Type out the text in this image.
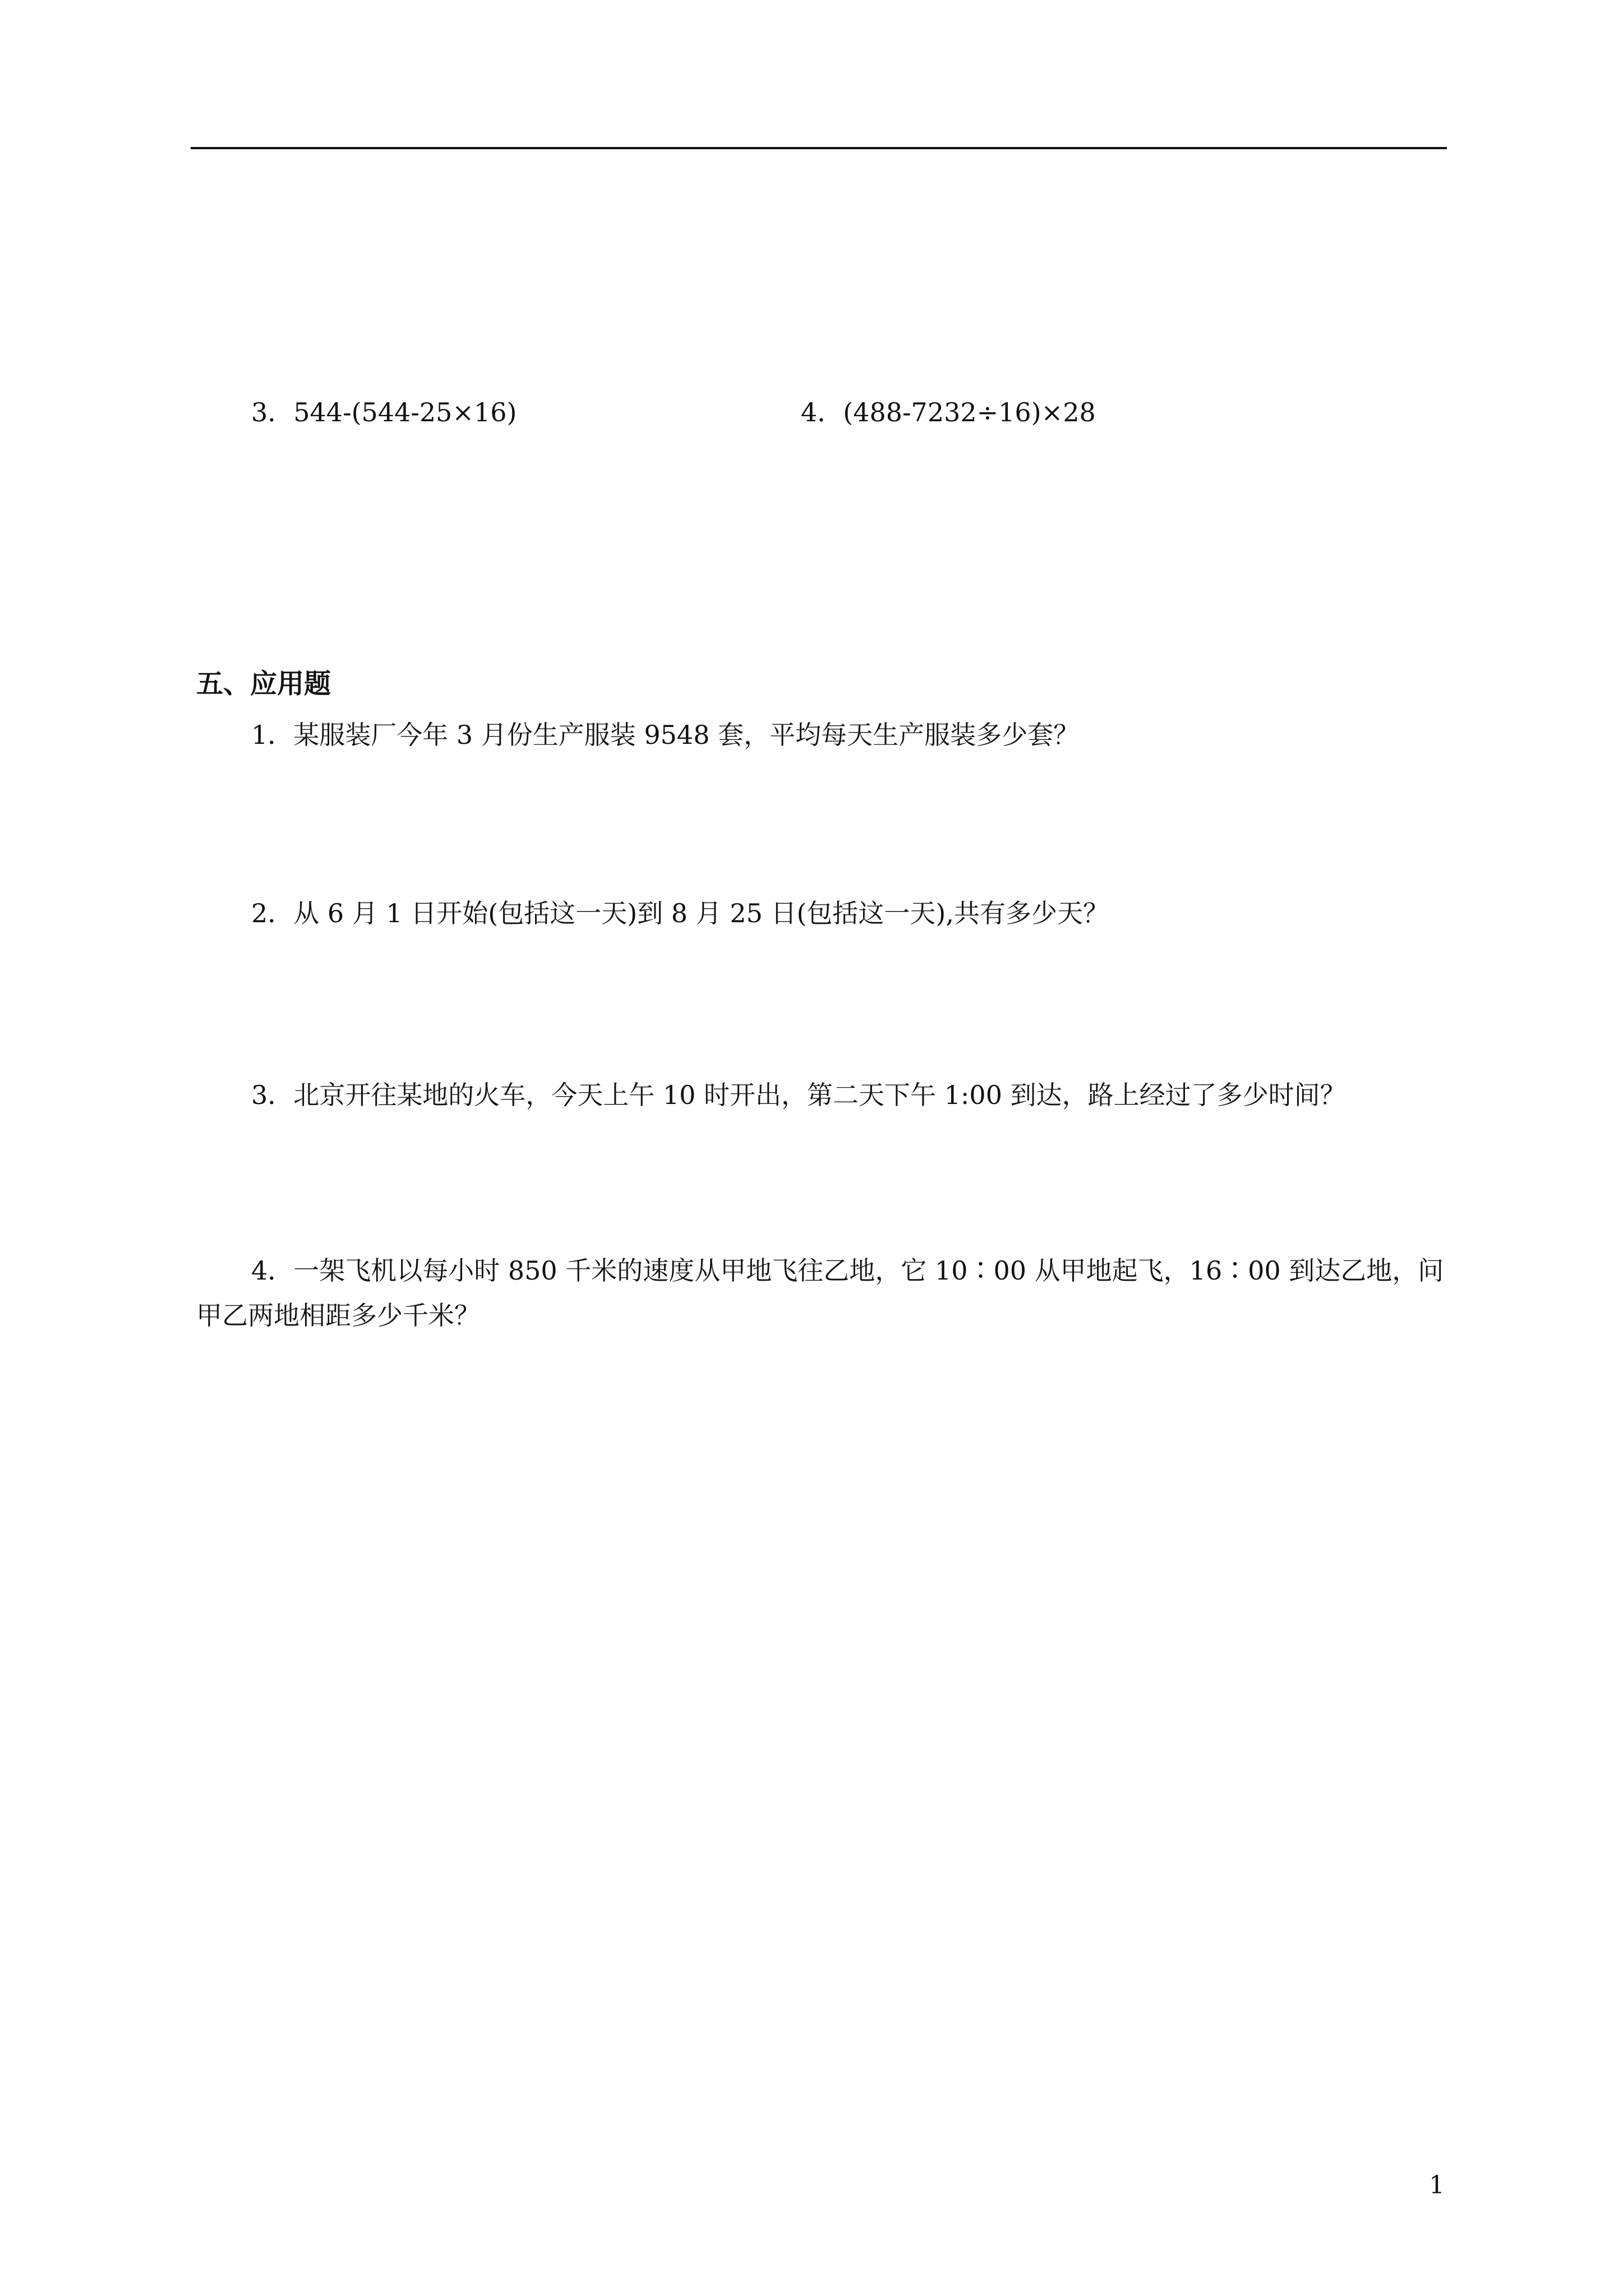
3．544-(544-25×16)	4．(488-7232÷16)×28
五、应用题
1．某服装厂今年 3 月份生产服装 9548 套，平均每天生产服装多少套？
2．从 6 月 1 日开始(包括这一天)到 8 月 25 日(包括这一天),共有多少天？
3．北京开往某地的火车，今天上午 10 时开出，第二天下午 1:00 到达，路上经过了多少时间？
4．一架飞机以每小时 850 千米的速度从甲地飞往乙地，它 10∶00 从甲地起飞，16∶00 到达乙地，问甲乙两地相距多少千米？
1
